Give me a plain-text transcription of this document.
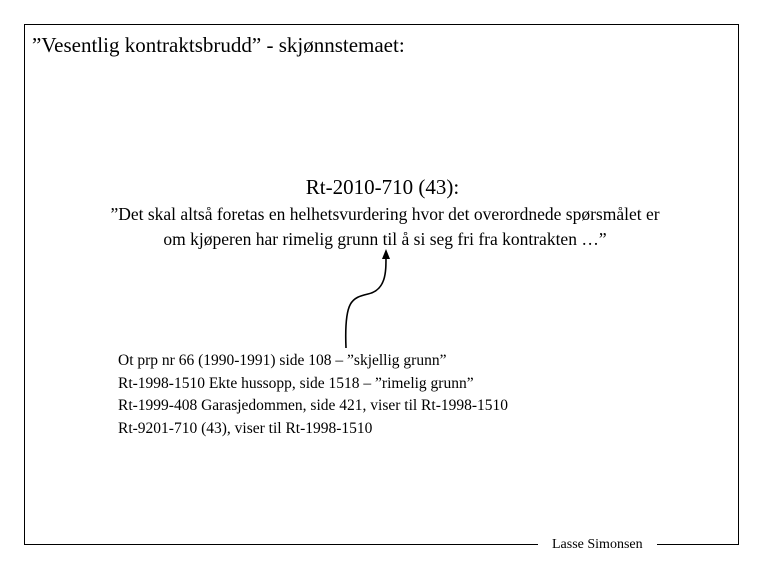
”Vesentlig kontraktsbrudd” - skjønnstemaet:
Rt-2010-710 (43):
”Det skal altså foretas en helhetsvurdering hvor det overordnede spørsmålet er
om kjøperen har rimelig grunn til å si seg fri fra kontrakten …”
Ot prp nr 66 (1990-1991) side 108 – ”skjellig grunn”
Rt-1998-1510 Ekte hussopp, side 1518 – ”rimelig grunn”
Rt-1999-408 Garasjedommen, side 421, viser til Rt-1998-1510
Rt-9201-710 (43), viser til Rt-1998-1510
Lasse Simonsen
